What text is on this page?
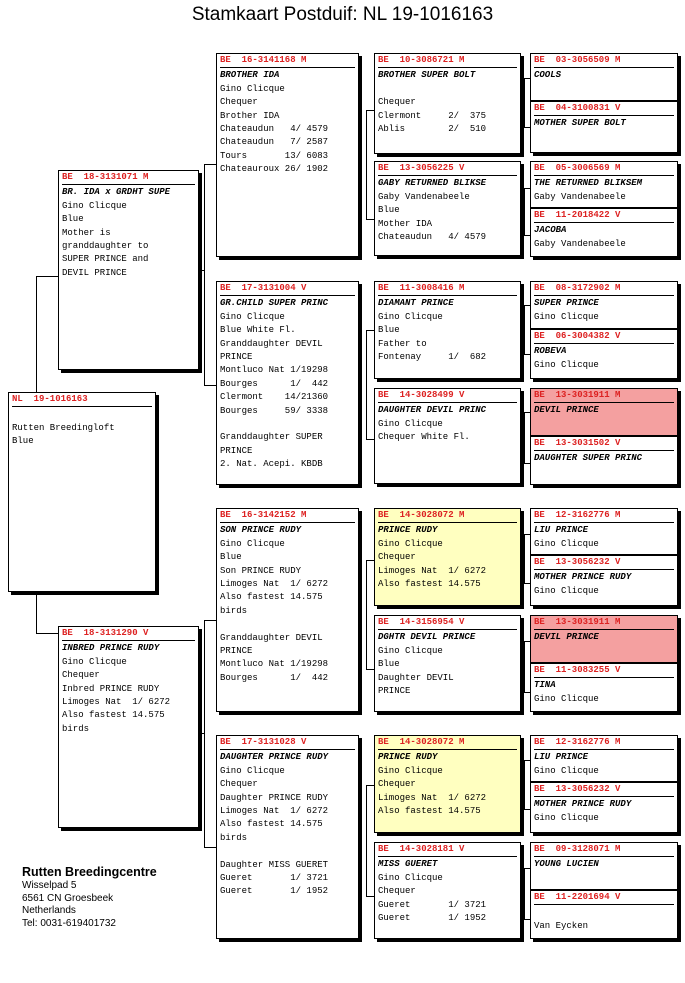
Stamkaart Postduif: NL 19-1016163
NL  19-1016163
Rutten Breedingloft
Blue
BE  18-3131071 M
BR. IDA x GRDHT SUPE
Gino Clicque
Blue
Mother is
granddaughter to
SUPER PRINCE and
DEVIL PRINCE
BE  18-3131290 V
INBRED PRINCE RUDY
Gino Clicque
Chequer
Inbred PRINCE RUDY
Limoges Nat  1/ 6272
Also fastest 14.575
birds
BE  16-3141168 M
BROTHER IDA
Gino Clicque
Chequer
Brother IDA
Chateaudun   4/ 4579
Chateaudun   7/ 2587
Tours       13/ 6083
Chateauroux 26/ 1902
BE  17-3131004 V
GR.CHILD SUPER PRINC
Gino Clicque
Blue White Fl.
Granddaughter DEVIL
PRINCE
Montluco Nat 1/19298
Bourges      1/  442
Clermont    14/21360
Bourges     59/ 3338
Granddaughter SUPER
PRINCE
2. Nat. Acepi. KBDB
BE  16-3142152 M
SON PRINCE RUDY
Gino Clicque
Blue
Son PRINCE RUDY
Limoges Nat  1/ 6272
Also fastest 14.575
birds
Granddaughter DEVIL
PRINCE
Montluco Nat 1/19298
Bourges      1/  442
BE  17-3131028 V
DAUGHTER PRINCE RUDY
Gino Clicque
Chequer
Daughter PRINCE RUDY
Limoges Nat  1/ 6272
Also fastest 14.575
birds
Daughter MISS GUERET
Gueret       1/ 3721
Gueret       1/ 1952
BE  10-3086721 M
BROTHER SUPER BOLT
Chequer
Clermont     2/  375
Ablis        2/  510
BE  13-3056225 V
GABY RETURNED BLIKSE
Gaby Vandenabeele
Blue
Mother IDA
Chateaudun   4/ 4579
BE  11-3008416 M
DIAMANT PRINCE
Gino Clicque
Blue
Father to
Fontenay     1/  682
BE  14-3028499 V
DAUGHTER DEVIL PRINC
Gino Clicque
Chequer White Fl.
BE  14-3028072 M
PRINCE RUDY
Gino Clicque
Chequer
Limoges Nat  1/ 6272
Also fastest 14.575
BE  14-3156954 V
DGHTR DEVIL PRINCE
Gino Clicque
Blue
Daughter DEVIL
PRINCE
BE  14-3028072 M
PRINCE RUDY
Gino Clicque
Chequer
Limoges Nat  1/ 6272
Also fastest 14.575
BE  14-3028181 V
MISS GUERET
Gino Clicque
Chequer
Gueret       1/ 3721
Gueret       1/ 1952
BE  03-3056509 M
COOLS
BE  04-3100831 V
MOTHER SUPER BOLT
BE  05-3006569 M
THE RETURNED BLIKSEM
Gaby Vandenabeele
BE  11-2018422 V
JACOBA
Gaby Vandenabeele
BE  08-3172902 M
SUPER PRINCE
Gino Clicque
BE  06-3004382 V
ROBEVA
Gino Clicque
BE  13-3031911 M
DEVIL PRINCE
BE  13-3031502 V
DAUGHTER SUPER PRINC
BE  12-3162776 M
LIU PRINCE
Gino Clicque
BE  13-3056232 V
MOTHER PRINCE RUDY
Gino Clicque
BE  13-3031911 M
DEVIL PRINCE
BE  11-3083255 V
TINA
Gino Clicque
BE  12-3162776 M
LIU PRINCE
Gino Clicque
BE  13-3056232 V
MOTHER PRINCE RUDY
Gino Clicque
BE  09-3128071 M
YOUNG LUCIEN
BE  11-2201694 V
Van Eycken
Rutten Breedingcentre
Wisselpad 5
6561 CN Groesbeek
Netherlands
Tel: 0031-619401732
